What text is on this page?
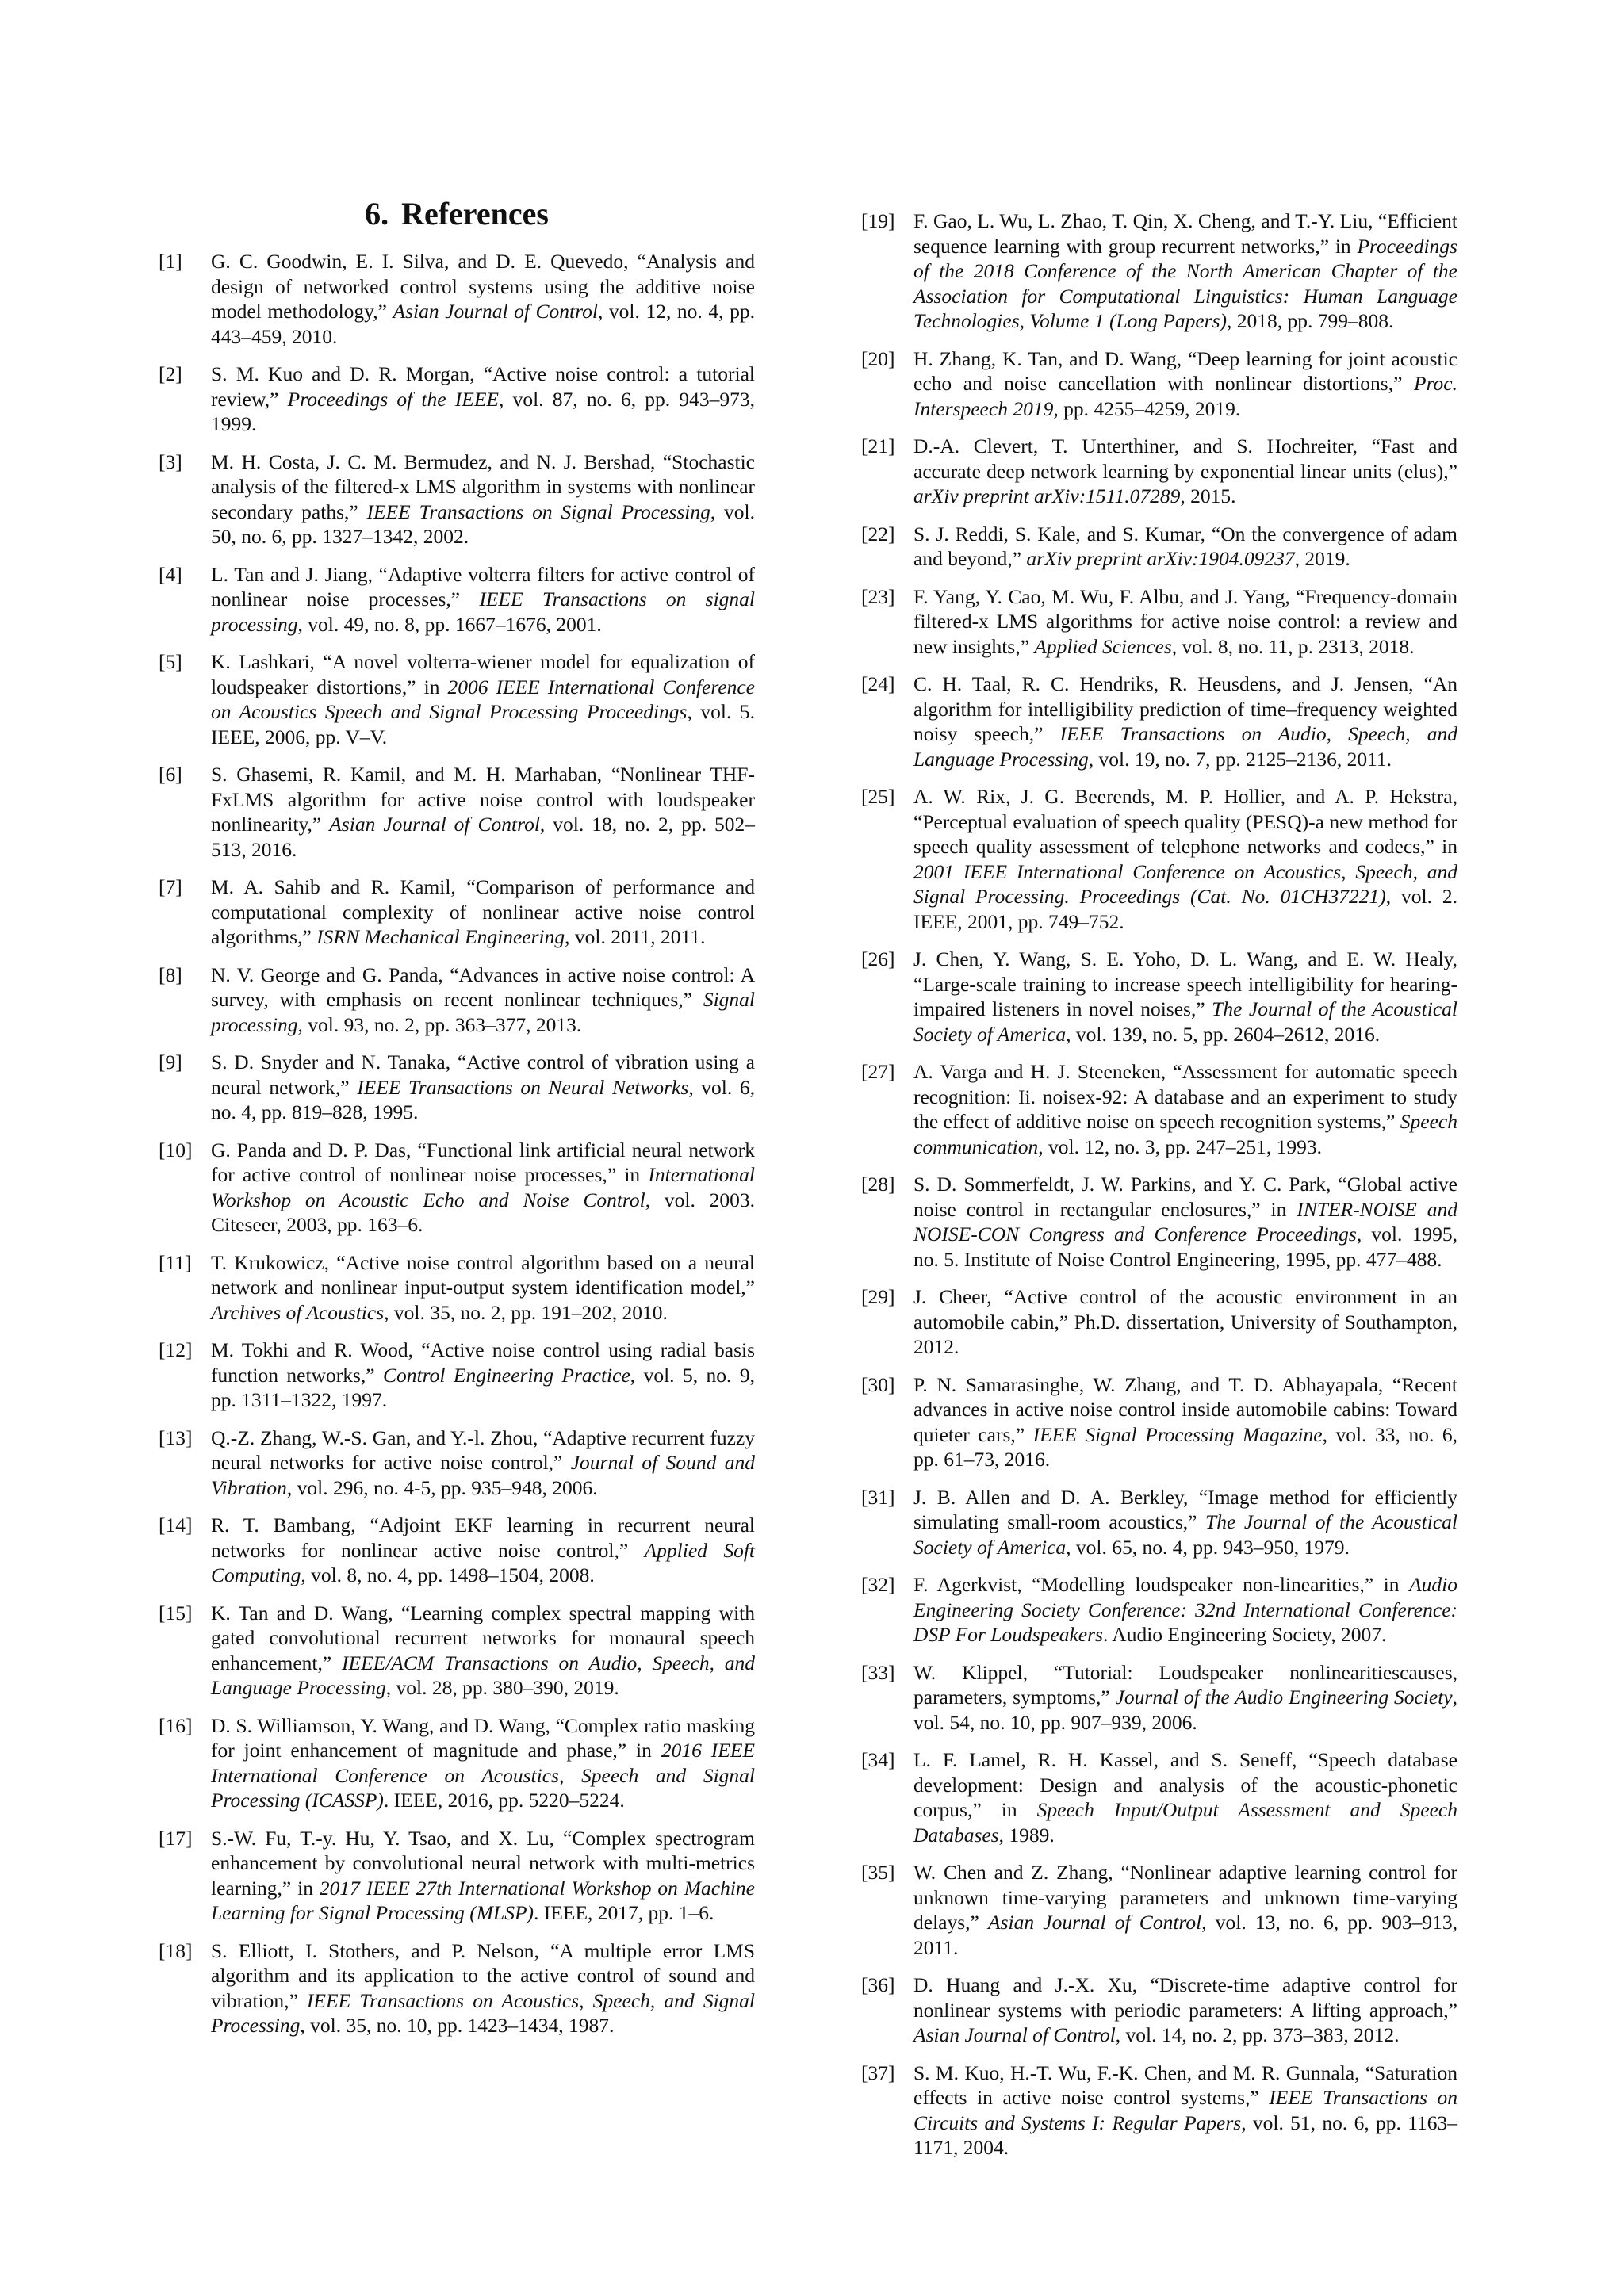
6. References
[1]	G. C. Goodwin, E. I. Silva, and D. E. Quevedo, “Analysis and design of networked control systems using the additive noise model methodology,” Asian Journal of Control, vol. 12, no. 4, pp. 443–459, 2010.
[2]	S. M. Kuo and D. R. Morgan, “Active noise control: a tutorial review,” Proceedings of the IEEE, vol. 87, no. 6, pp. 943–973, 1999.
[3]	M. H. Costa, J. C. M. Bermudez, and N. J. Bershad, “Stochastic analysis of the filtered-x LMS algorithm in systems with nonlinear secondary paths,” IEEE Transactions on Signal Processing, vol. 50, no. 6, pp. 1327–1342, 2002.
[4]	L. Tan and J. Jiang, “Adaptive volterra filters for active control of nonlinear noise processes,” IEEE Transactions on signal processing, vol. 49, no. 8, pp. 1667–1676, 2001.
[5]	K. Lashkari, “A novel volterra-wiener model for equalization of loudspeaker distortions,” in 2006 IEEE International Conference on Acoustics Speech and Signal Processing Proceedings, vol. 5. IEEE, 2006, pp. V–V.
[6]	S. Ghasemi, R. Kamil, and M. H. Marhaban, “Nonlinear THF-FxLMS algorithm for active noise control with loudspeaker nonlinearity,” Asian Journal of Control, vol. 18, no. 2, pp. 502–513, 2016.
[7]	M. A. Sahib and R. Kamil, “Comparison of performance and computational complexity of nonlinear active noise control algorithms,” ISRN Mechanical Engineering, vol. 2011, 2011.
[8]	N. V. George and G. Panda, “Advances in active noise control: A survey, with emphasis on recent nonlinear techniques,” Signal processing, vol. 93, no. 2, pp. 363–377, 2013.
[9]	S. D. Snyder and N. Tanaka, “Active control of vibration using a neural network,” IEEE Transactions on Neural Networks, vol. 6, no. 4, pp. 819–828, 1995.
[10] G. Panda and D. P. Das, “Functional link artificial neural network for active control of nonlinear noise processes,” in International Workshop on Acoustic Echo and Noise Control, vol. 2003. Citeseer, 2003, pp. 163–6.
[11] T. Krukowicz, “Active noise control algorithm based on a neural network and nonlinear input-output system identification model,” Archives of Acoustics, vol. 35, no. 2, pp. 191–202, 2010.
[12] M. Tokhi and R. Wood, “Active noise control using radial basis function networks,” Control Engineering Practice, vol. 5, no. 9, pp. 1311–1322, 1997.
[13] Q.-Z. Zhang, W.-S. Gan, and Y.-l. Zhou, “Adaptive recurrent fuzzy neural networks for active noise control,” Journal of Sound and Vibration, vol. 296, no. 4-5, pp. 935–948, 2006.
[14] R. T. Bambang, “Adjoint EKF learning in recurrent neural networks for nonlinear active noise control,” Applied Soft Computing, vol. 8, no. 4, pp. 1498–1504, 2008.
[15] K. Tan and D. Wang, “Learning complex spectral mapping with gated convolutional recurrent networks for monaural speech enhancement,” IEEE/ACM Transactions on Audio, Speech, and Language Processing, vol. 28, pp. 380–390, 2019.
[16] D. S. Williamson, Y. Wang, and D. Wang, “Complex ratio masking for joint enhancement of magnitude and phase,” in 2016 IEEE International Conference on Acoustics, Speech and Signal Processing (ICASSP). IEEE, 2016, pp. 5220–5224.
[17] S.-W. Fu, T.-y. Hu, Y. Tsao, and X. Lu, “Complex spectrogram enhancement by convolutional neural network with multi-metrics learning,” in 2017 IEEE 27th International Workshop on Machine Learning for Signal Processing (MLSP). IEEE, 2017, pp. 1–6.
[18] S. Elliott, I. Stothers, and P. Nelson, “A multiple error LMS algorithm and its application to the active control of sound and vibration,” IEEE Transactions on Acoustics, Speech, and Signal Processing, vol. 35, no. 10, pp. 1423–1434, 1987.
[19] F. Gao, L. Wu, L. Zhao, T. Qin, X. Cheng, and T.-Y. Liu, “Efficient sequence learning with group recurrent networks,” in Proceedings of the 2018 Conference of the North American Chapter of the Association for Computational Linguistics: Human Language Technologies, Volume 1 (Long Papers), 2018, pp. 799–808.
[20] H. Zhang, K. Tan, and D. Wang, “Deep learning for joint acoustic echo and noise cancellation with nonlinear distortions,” Proc. Interspeech 2019, pp. 4255–4259, 2019.
[21] D.-A. Clevert, T. Unterthiner, and S. Hochreiter, “Fast and accurate deep network learning by exponential linear units (elus),” arXiv preprint arXiv:1511.07289, 2015.
[22] S. J. Reddi, S. Kale, and S. Kumar, “On the convergence of adam and beyond,” arXiv preprint arXiv:1904.09237, 2019.
[23] F. Yang, Y. Cao, M. Wu, F. Albu, and J. Yang, “Frequency-domain filtered-x LMS algorithms for active noise control: a review and new insights,” Applied Sciences, vol. 8, no. 11, p. 2313, 2018.
[24] C. H. Taal, R. C. Hendriks, R. Heusdens, and J. Jensen, “An algorithm for intelligibility prediction of time–frequency weighted noisy speech,” IEEE Transactions on Audio, Speech, and Language Processing, vol. 19, no. 7, pp. 2125–2136, 2011.
[25] A. W. Rix, J. G. Beerends, M. P. Hollier, and A. P. Hekstra, “Perceptual evaluation of speech quality (PESQ)-a new method for speech quality assessment of telephone networks and codecs,” in 2001 IEEE International Conference on Acoustics, Speech, and Signal Processing. Proceedings (Cat. No. 01CH37221), vol. 2. IEEE, 2001, pp. 749–752.
[26] J. Chen, Y. Wang, S. E. Yoho, D. L. Wang, and E. W. Healy, “Large-scale training to increase speech intelligibility for hearing-impaired listeners in novel noises,” The Journal of the Acoustical Society of America, vol. 139, no. 5, pp. 2604–2612, 2016.
[27] A. Varga and H. J. Steeneken, “Assessment for automatic speech recognition: Ii. noisex-92: A database and an experiment to study the effect of additive noise on speech recognition systems,” Speech communication, vol. 12, no. 3, pp. 247–251, 1993.
[28] S. D. Sommerfeldt, J. W. Parkins, and Y. C. Park, “Global active noise control in rectangular enclosures,” in INTER-NOISE and NOISE-CON Congress and Conference Proceedings, vol. 1995, no. 5. Institute of Noise Control Engineering, 1995, pp. 477–488.
[29] J. Cheer, “Active control of the acoustic environment in an automobile cabin,” Ph.D. dissertation, University of Southampton, 2012.
[30] P. N. Samarasinghe, W. Zhang, and T. D. Abhayapala, “Recent advances in active noise control inside automobile cabins: Toward quieter cars,” IEEE Signal Processing Magazine, vol. 33, no. 6, pp. 61–73, 2016.
[31] J. B. Allen and D. A. Berkley, “Image method for efficiently simulating small-room acoustics,” The Journal of the Acoustical Society of America, vol. 65, no. 4, pp. 943–950, 1979.
[32] F. Agerkvist, “Modelling loudspeaker non-linearities,” in Audio Engineering Society Conference: 32nd International Conference: DSP For Loudspeakers. Audio Engineering Society, 2007.
[33] W. Klippel, “Tutorial: Loudspeaker nonlinearitiescauses, parameters, symptoms,” Journal of the Audio Engineering Society, vol. 54, no. 10, pp. 907–939, 2006.
[34] L. F. Lamel, R. H. Kassel, and S. Seneff, “Speech database development: Design and analysis of the acoustic-phonetic corpus,” in Speech Input/Output Assessment and Speech Databases, 1989.
[35] W. Chen and Z. Zhang, “Nonlinear adaptive learning control for unknown time-varying parameters and unknown time-varying delays,” Asian Journal of Control, vol. 13, no. 6, pp. 903–913, 2011.
[36] D. Huang and J.-X. Xu, “Discrete-time adaptive control for nonlinear systems with periodic parameters: A lifting approach,” Asian Journal of Control, vol. 14, no. 2, pp. 373–383, 2012.
[37] S. M. Kuo, H.-T. Wu, F.-K. Chen, and M. R. Gunnala, “Saturation effects in active noise control systems,” IEEE Transactions on Circuits and Systems I: Regular Papers, vol. 51, no. 6, pp. 1163–1171, 2004.
